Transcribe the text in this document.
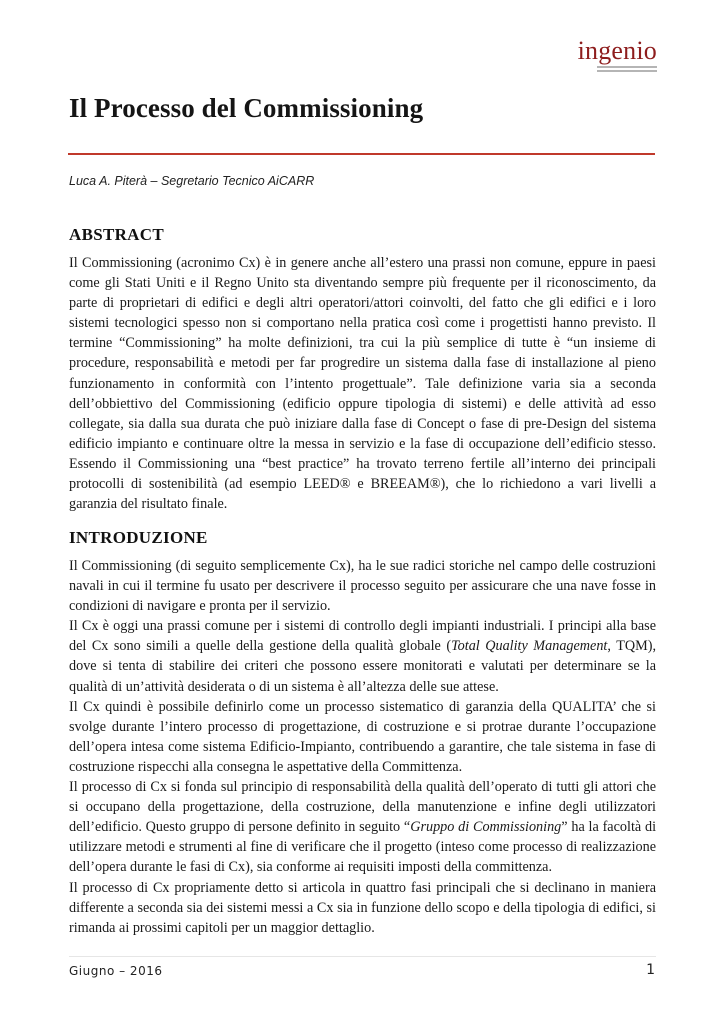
ingenio
Il Processo del Commissioning
Luca A. Piterà – Segretario Tecnico AiCARR
ABSTRACT

Il Commissioning (acronimo Cx) è in genere anche all’estero una prassi non comune, eppure in paesi come gli Stati Uniti e il Regno Unito sta diventando sempre più frequente per il riconoscimento, da parte di proprietari di edifici e degli altri operatori/attori coinvolti, del fatto che gli edifici e i loro sistemi tecnologici spesso non si comportano nella pratica così come i progettisti hanno previsto. Il termine “Commissioning” ha molte definizioni, tra cui la più semplice di tutte è “un insieme di procedure, responsabilità e metodi per far progredire un sistema dalla fase di installazione al pieno funzionamento in conformità con l’intento progettuale”. Tale definizione varia sia a seconda dell’obbiettivo del Commissioning (edificio oppure tipologia di sistemi) e delle attività ad esso collegate, sia dalla sua durata che può iniziare dalla fase di Concept o fase di pre-Design del sistema edificio impianto e continuare oltre la messa in servizio e la fase di occupazione dell’edificio stesso. Essendo il Commissioning una “best practice” ha trovato terreno fertile all’interno dei principali protocolli di sostenibilità (ad esempio LEED® e BREEAM®), che lo richiedono a vari livelli a garanzia del risultato finale.

INTRODUZIONE

Il Commissioning (di seguito semplicemente Cx), ha le sue radici storiche nel campo delle costruzioni navali in cui il termine fu usato per descrivere il processo seguito per assicurare che una nave fosse in condizioni di navigare e pronta per il servizio.

Il Cx è oggi una prassi comune per i sistemi di controllo degli impianti industriali. I principi alla base del Cx sono simili a quelle della gestione della qualità globale (Total Quality Management, TQM), dove si tenta di stabilire dei criteri che possono essere monitorati e valutati per determinare se la qualità di un’attività desiderata o di un sistema è all’altezza delle sue attese.

Il Cx quindi è possibile definirlo come un processo sistematico di garanzia della QUALITA’ che si svolge durante l’intero processo di progettazione, di costruzione e si protrae durante l’occupazione dell’opera intesa come sistema Edificio-Impianto, contribuendo a garantire, che tale sistema in fase di costruzione rispecchi alla consegna le aspettative della Committenza.

Il processo di Cx si fonda sul principio di responsabilità della qualità dell’operato di tutti gli attori che si occupano della progettazione, della costruzione, della manutenzione e infine degli utilizzatori dell’edificio. Questo gruppo di persone definito in seguito “Gruppo di Commissioning” ha la facoltà di utilizzare metodi e strumenti al fine di verificare che il progetto (inteso come processo di realizzazione dell’opera durante le fasi di Cx), sia conforme ai requisiti imposti della committenza.

Il processo di Cx propriamente detto si articola in quattro fasi principali che si declinano in maniera differente a seconda sia dei sistemi messi a Cx sia in funzione dello scopo e della tipologia di edifici, si rimanda ai prossimi capitoli per un maggior dettaglio.

Giugno – 2016	1
